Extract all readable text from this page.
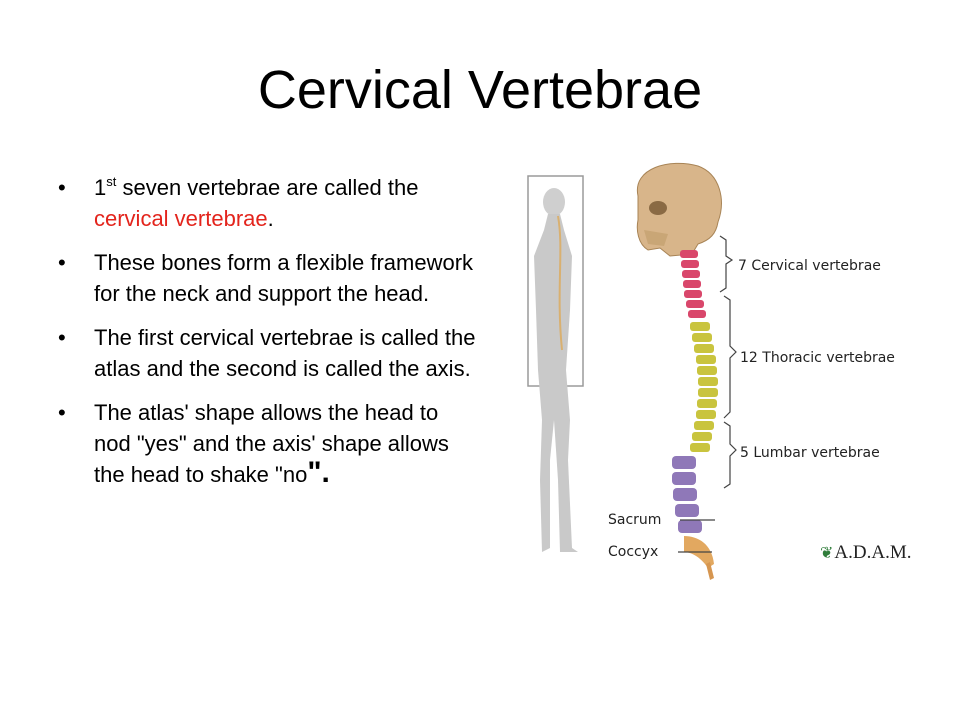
Cervical Vertebrae
• 1st seven vertebrae are called the cervical vertebrae.
• These bones form a flexible framework for the neck and support the head.
• The first cervical vertebrae is called the atlas and the second is called the axis.
• The atlas' shape allows the head to nod "yes" and the axis' shape allows the head to shake "no".
7 Cervical vertebrae
12 Thoracic vertebrae
5 Lumbar vertebrae
Sacrum
Coccyx	❦A.D.A.M.
